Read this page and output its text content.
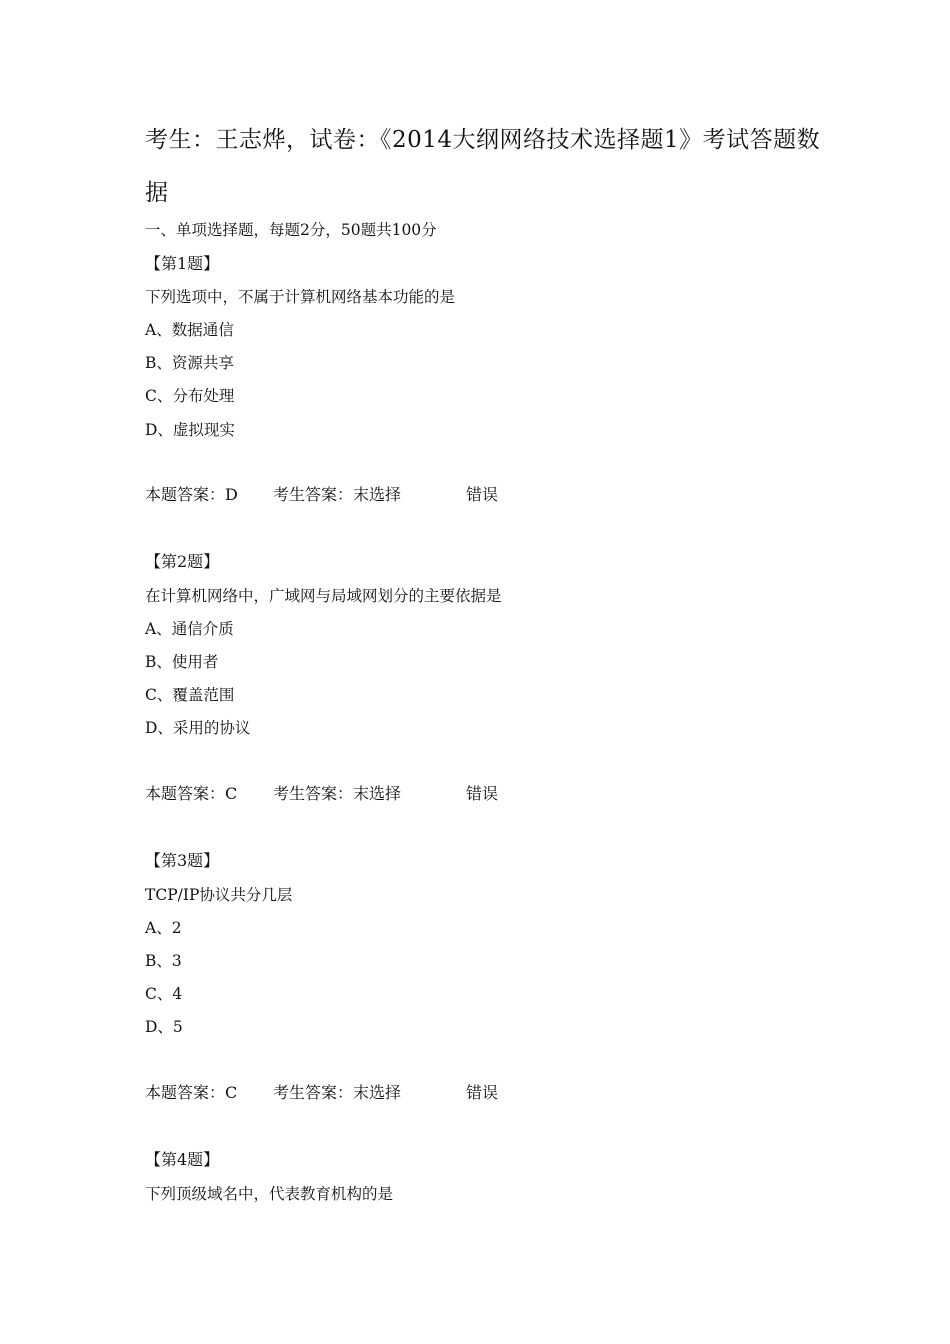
考生：王志烨，试卷：《2014大纲网络技术选择题1》考试答题数据
一、单项选择题，每题2分，50题共100分
【第1题】
下列选项中，不属于计算机网络基本功能的是
A、数据通信
B、资源共享
C、分布处理
D、虚拟现实
本题答案：D 考生答案：末选择	错误
【第2题】
在计算机网络中，广域网与局域网划分的主要依据是
A、通信介质
B、使用者
C、覆盖范围
D、采用的协议
本题答案：C 考生答案：末选择	错误
【第3题】
TCP/IP协议共分几层
A、2
B、3
C、4
D、5
本题答案：C 考生答案：末选择	错误
【第4题】
下列顶级域名中，代表教育机构的是
